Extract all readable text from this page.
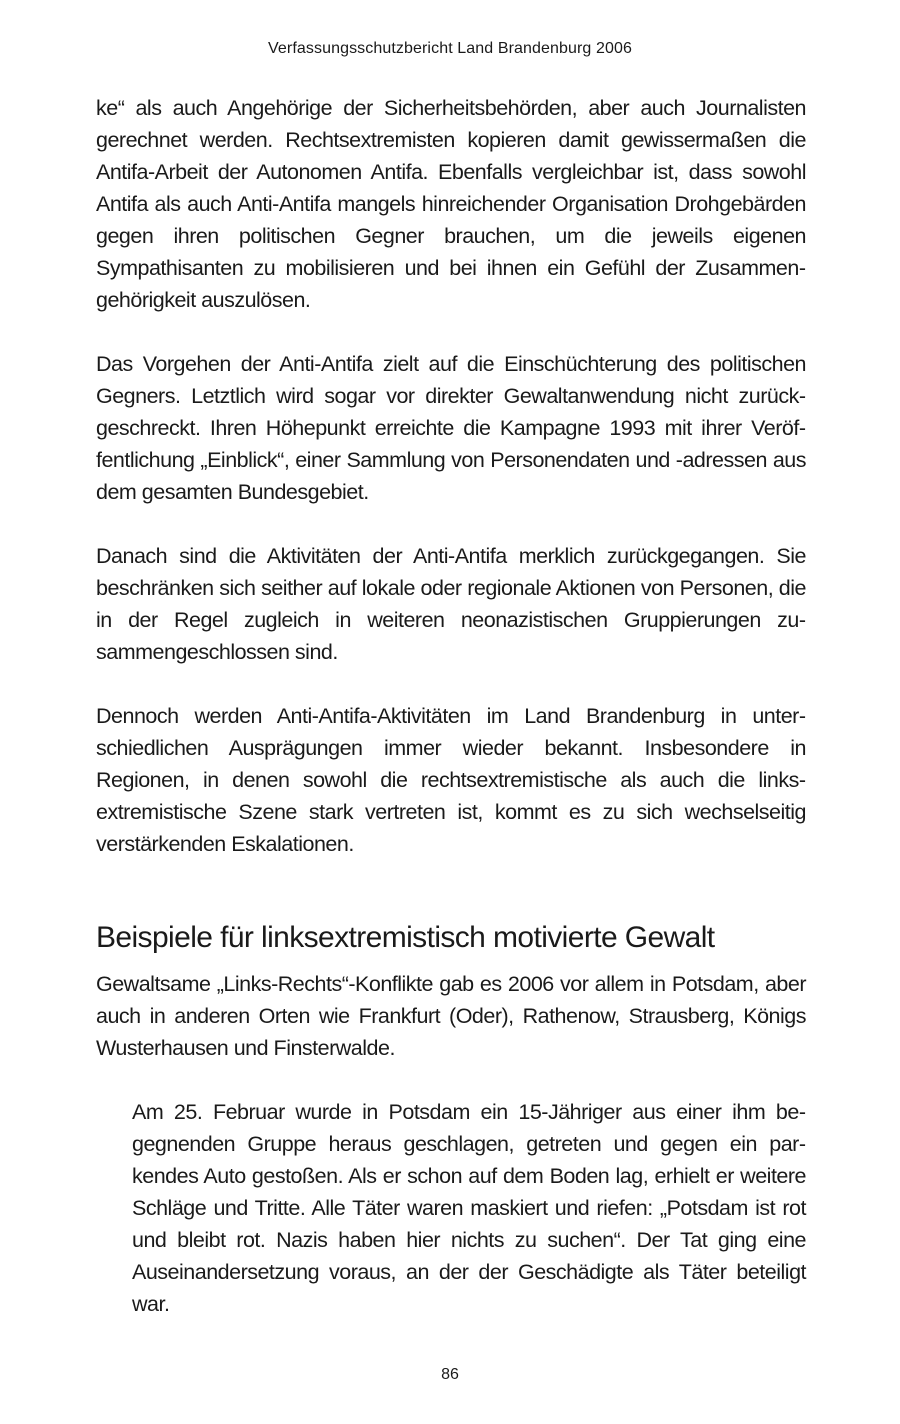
Verfassungsschutzbericht Land Brandenburg 2006

ke“ als auch Angehörige der Sicherheitsbehörden, aber auch Journalisten gerechnet werden. Rechtsextremisten kopieren damit gewissermaßen die Antifa-Arbeit der Autonomen Antifa. Ebenfalls vergleichbar ist, dass sowohl Antifa als auch Anti-Antifa mangels hinreichender Organisation Drohgebärden gegen ihren politischen Gegner brauchen, um die jeweils eigenen Sympathisanten zu mobilisieren und bei ihnen ein Gefühl der Zusammengehörigkeit auszulösen.

Das Vorgehen der Anti-Antifa zielt auf die Einschüchterung des politischen Gegners. Letztlich wird sogar vor direkter Gewaltanwendung nicht zurückgeschreckt. Ihren Höhepunkt erreichte die Kampagne 1993 mit ihrer Veröffentlichung „Einblick“, einer Sammlung von Personendaten und -adressen aus dem gesamten Bundesgebiet.

Danach sind die Aktivitäten der Anti-Antifa merklich zurückgegangen. Sie beschränken sich seither auf lokale oder regionale Aktionen von Personen, die in der Regel zugleich in weiteren neonazistischen Gruppierungen zusammengeschlossen sind.

Dennoch werden Anti-Antifa-Aktivitäten im Land Brandenburg in unterschiedlichen Ausprägungen immer wieder bekannt. Insbesondere in Regionen, in denen sowohl die rechtsextremistische als auch die linksextremistische Szene stark vertreten ist, kommt es zu sich wechselseitig verstärkenden Eskalationen.

Beispiele für linksextremistisch motivierte Gewalt

Gewaltsame „Links-Rechts“-Konflikte gab es 2006 vor allem in Potsdam, aber auch in anderen Orten wie Frankfurt (Oder), Rathenow, Strausberg, Königs Wusterhausen und Finsterwalde.

Am 25. Februar wurde in Potsdam ein 15-Jähriger aus einer ihm begegnenden Gruppe heraus geschlagen, getreten und gegen ein parkendes Auto gestoßen. Als er schon auf dem Boden lag, erhielt er weitere Schläge und Tritte. Alle Täter waren maskiert und riefen: „Potsdam ist rot und bleibt rot. Nazis haben hier nichts zu suchen“. Der Tat ging eine Auseinandersetzung voraus, an der der Geschädigte als Täter beteiligt war.

86
